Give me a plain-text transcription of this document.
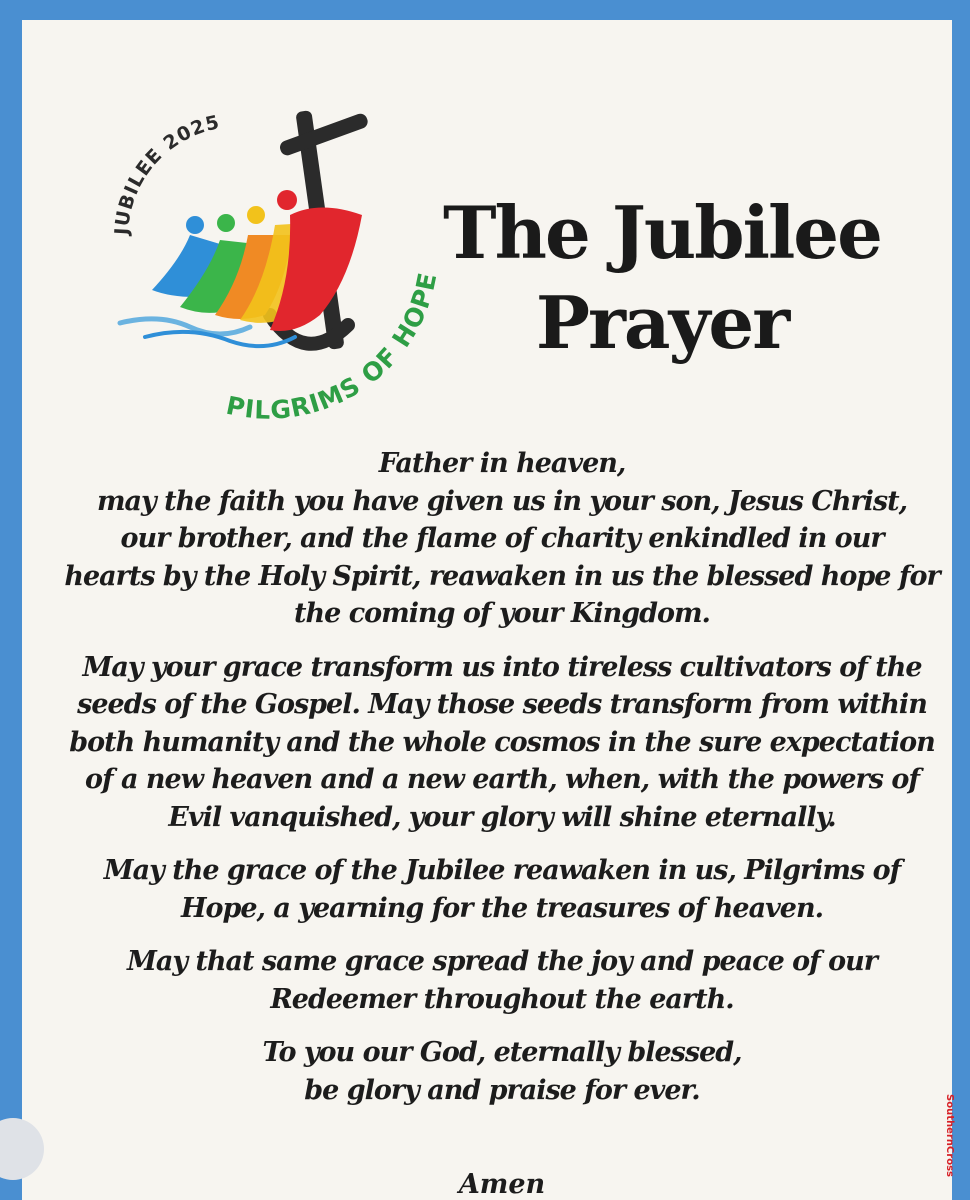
JUBILEE 2025
PILGRIMS OF HOPE
The Jubilee
Prayer

Father in heaven,

may the faith you have given us in your son, Jesus Christ,
our brother, and the flame of charity enkindled in our
hearts by the Holy Spirit, reawaken in us the blessed hope for
the coming of your Kingdom.

May your grace transform us into tireless cultivators of the
seeds of the Gospel. May those seeds transform from within
both humanity and the whole cosmos in the sure expectation
of a new heaven and a new earth, when, with the powers of
Evil vanquished, your glory will shine eternally.

May the grace of the Jubilee reawaken in us, Pilgrims of
Hope, a yearning for the treasures of heaven.

May that same grace spread the joy and peace of our
Redeemer throughout the earth.

To you our God, eternally blessed,
be glory and praise for ever.

Amen
SouthernCross
